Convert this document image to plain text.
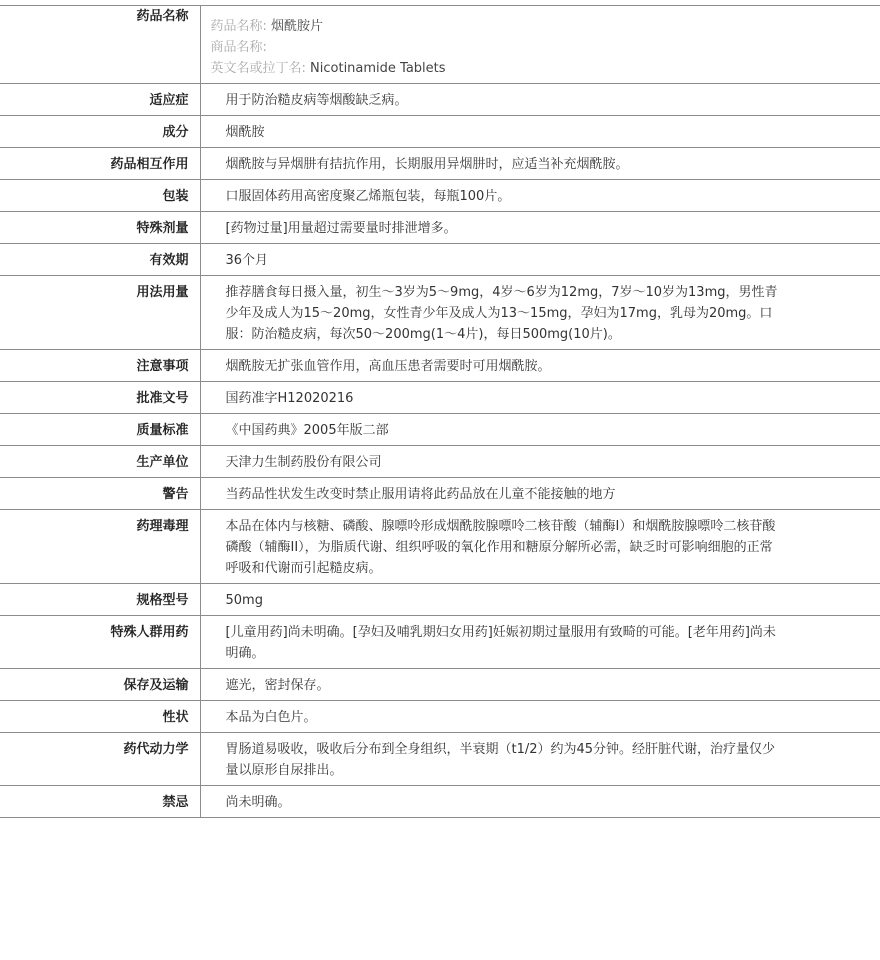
药品名称	药品名称: 烟酰胺片
商品名称:
英文名或拉丁名: Nicotinamide Tablets

适应症	用于防治糙皮病等烟酸缺乏病。
成分	烟酰胺
药品相互作用	烟酰胺与异烟肼有拮抗作用，长期服用异烟肼时，应适当补充烟酰胺。
包装	口服固体药用高密度聚乙烯瓶包装，每瓶100片。
特殊剂量	[药物过量]用量超过需要量时排泄增多。
有效期	36个月
用法用量	推荐膳食每日摄入量，初生～3岁为5～9mg，4岁～6岁为12mg，7岁～10岁为13mg，男性青少年及成人为15～20mg，女性青少年及成人为13～15mg，孕妇为17mg，乳母为20mg。口服：防治糙皮病，每次50～200mg(1～4片)，每日500mg(10片)。
注意事项	烟酰胺无扩张血管作用，高血压患者需要时可用烟酰胺。
批准文号	国药准字H12020216
质量标准	《中国药典》2005年版二部
生产单位	天津力生制药股份有限公司
警告	当药品性状发生改变时禁止服用请将此药品放在儿童不能接触的地方
药理毒理	本品在体内与核糖、磷酸、腺嘌呤形成烟酰胺腺嘌呤二核苷酸（辅酶I）和烟酰胺腺嘌呤二核苷酸磷酸（辅酶II），为脂质代谢、组织呼吸的氧化作用和糖原分解所必需，缺乏时可影响细胞的正常呼吸和代谢而引起糙皮病。
规格型号	50mg
特殊人群用药	[儿童用药]尚未明确。[孕妇及哺乳期妇女用药]妊娠初期过量服用有致畸的可能。[老年用药]尚未明确。
保存及运输	遮光，密封保存。
性状	本品为白色片。
药代动力学	胃肠道易吸收，吸收后分布到全身组织，半衰期（t1/2）约为45分钟。经肝脏代谢，治疗量仅少量以原形自尿排出。
禁忌	尚未明确。
